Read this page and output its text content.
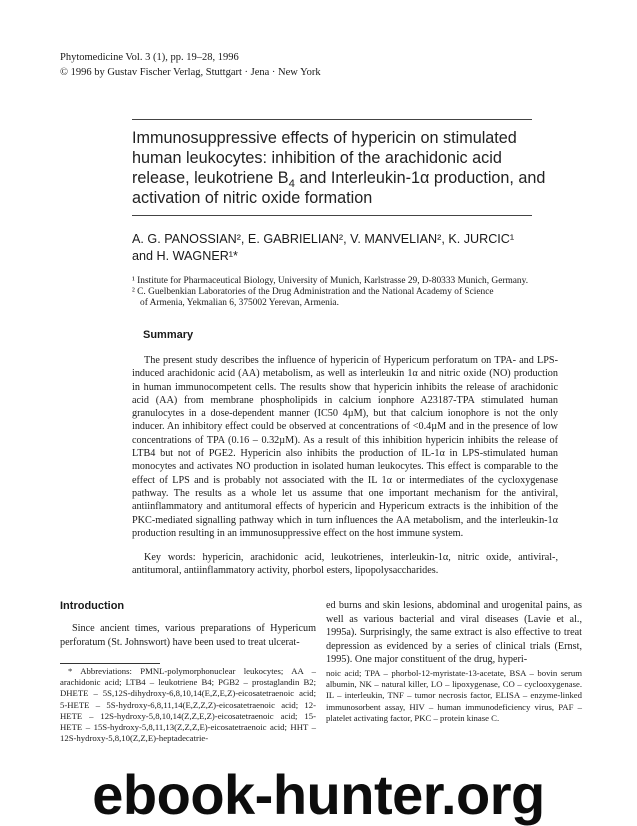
Phytomedicine Vol. 3 (1), pp. 19–28, 1996
© 1996 by Gustav Fischer Verlag, Stuttgart · Jena · New York
Immunosuppressive effects of hypericin on stimulated
human leukocytes: inhibition of the arachidonic acid
release, leukotriene $B_4$ and Interleukin-1α production, and
activation of nitric oxide formation
A. G. PANOSSIAN², E. GABRIELIAN², V. MANVELIAN², K. JURCIC¹
and H. WAGNER¹*

¹ Institute for Pharmaceutical Biology, University of Munich, Karlstrasse 29, D-80333 Munich, Germany.

² C. Guelbenkian Laboratories of the Drug Administration and the National Academy of Science

of Armenia, Yekmalian 6, 375002 Yerevan, Armenia.

Summary
The present study describes the influence of hypericin of Hypericum perforatum on TPA- and LPS-induced arachidonic acid (AA) metabolism, as well as interleukin 1α and nitric oxide (NO) production in human immunocompetent cells. The results show that hypericin inhibits the release of arachidonic acid (AA) from membrane phospholipids in calcium ionphore A23187-TPA stimulated human granulocytes in a dose-dependent manner (IC50 4µM), but that calcium ionophore is not the only inducer. An inhibitory effect could be observed at concentrations of <0.4µM and in the presence of low concentrations of TPA (0.16 – 0.32µM). As a result of this inhibition hypericin inhibits the release of LTB4 but not of PGE2. Hypericin also inhibits the production of IL-1α in LPS-stimulated human monocytes and activates NO production in isolated human leukocytes. This effect is comparable to the effect of LPS and is probably not associated with the IL 1α or intermediates of the cycloxygenase pathway. The results as a whole let us assume that one important mechanism for the antiviral, antiinflammatory and antitumoral effects of hypericin and Hypericum extracts is the inhibition of the PKC-mediated signalling pathway which in turn influences the AA metabolism, and the interleukin-1α production resulting in an immunosuppressive effect on the host immune system.
Key words: hypericin, arachidonic acid, leukotrienes, interleukin-1α, nitric oxide, antiviral-, antitumoral, antiinflammatory activity, phorbol esters, lipopolysaccharides.
Introduction
Since ancient times, various preparations of Hypericum perforatum (St. Johnswort) have been used to treat ulcerat-
ed burns and skin lesions, abdominal and urogenital pains, as well as various bacterial and viral diseases (Lavie et al., 1995a). Surprisingly, the same extract is also effective to treat depression as evidenced by a series of clinical trials (Ernst, 1995). One major constituent of the drug, hyperi-
* Abbreviations: PMNL-polymorphonuclear leukocytes; AA – arachidonic acid; LTB4 – leukotriene B4; PGB2 – prostaglandin B2; DHETE – 5S,12S-dihydroxy-6,8,10,14(E,Z,E,Z)-eicosatetraenoic acid; 5-HETE – 5S-hydroxy-6,8,11,14(E,Z,Z,Z)-eicosatetraenoic acid; 12-HETE – 12S-hydroxy-5,8,10,14(Z,Z,E,Z)-eicosatetraenoic acid; 15-HETE – 15S-hydroxy-5,8,11,13(Z,Z,Z,E)-eicosatetraenoic acid; HHT – 12S-hydroxy-5,8,10(Z,Z,E)-heptadecatrie-
noic acid; TPA – phorbol-12-myristate-13-acetate, BSA – bovin serum albumin, NK – natural killer, LO – lipoxygenase, CO – cyclooxygenase. IL – interleukin, TNF – tumor necrosis factor, ELISA – enzyme-linked immunosorbent assay, HIV – human immunodeficiency virus, PAF – platelet activating factor, PKC – protein kinase C.
ebook-hunter.org
